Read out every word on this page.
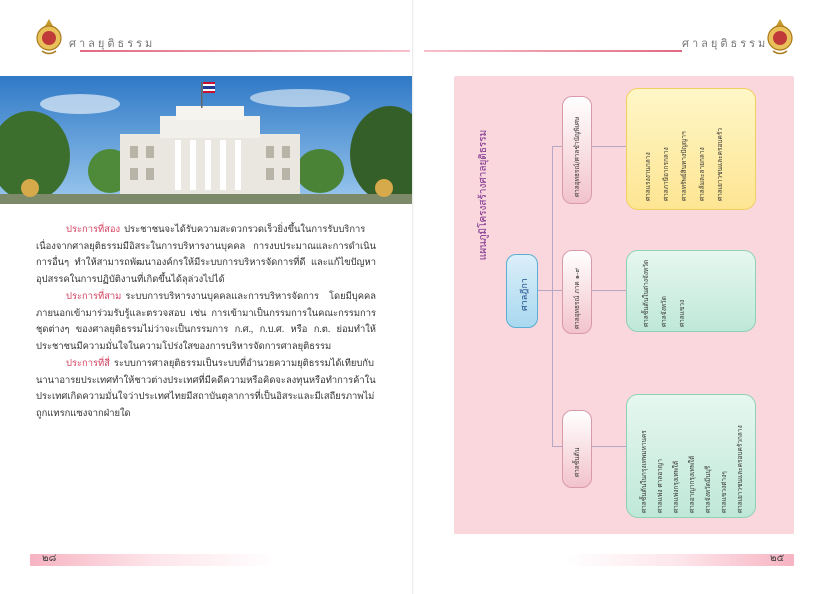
ศาลยุติธรรม
ประการที่สอง ประชาชนจะได้รับความสะดวกรวดเร็วยิ่งขึ้นในการรับบริการ เนื่องจากศาลยุติธรรมมีอิสระในการบริหารงานบุคคล การงบประมาณและการดำเนินการอื่นๆ ทำให้สามารถพัฒนาองค์กรให้มีระบบการบริหารจัดการที่ดี และแก้ไขปัญหาอุปสรรคในการปฏิบัติงานที่เกิดขึ้นได้ลุล่วงไปได้
ประการที่สาม ระบบการบริหารงานบุคคลและการบริหารจัดการ โดยมีบุคคลภายนอกเข้ามาร่วมรับรู้และตรวจสอบ เช่น การเข้ามาเป็นกรรมการในคณะกรรมการชุดต่างๆ ของศาลยุติธรรมไม่ว่าจะเป็นกรรมการ ก.ศ., ก.บ.ศ. หรือ ก.ต. ย่อมทำให้ประชาชนมีความมั่นใจในความโปร่งใสของการบริหารจัดการศาลยุติธรรม
ประการที่สี่ ระบบการศาลยุติธรรมเป็นระบบที่อำนวยความยุติธรรมได้เทียบกับนานาอารยประเทศทำให้ชาวต่างประเทศที่มีคดีความหรือคิดจะลงทุนหรือทำการค้าในประเทศเกิดความมั่นใจว่าประเทศไทยมีสถาบันตุลาการที่เป็นอิสระและมีเสถียรภาพไม่ถูกแทรกแซงจากฝ่ายใด
๒๘
ศาลยุติธรรม
แผนภูมิโครงสร้างศาลยุติธรรม
ศาลฎีกา
ศาลอุทธรณ์/ศาลชำนัญพิเศษ
ศาลอุทธรณ์ ภาค ๑-๙
ศาลชั้นต้น
ศาลแรงงานกลาง ศาลภาษีอากรกลาง ศาลทรัพย์สินทางปัญญาฯ ศาลล้มละลายกลาง ศาลเยาวชนและครอบครัว
ศาลชั้นต้นในต่างจังหวัด ศาลจังหวัด ศาลแขวง
ศาลชั้นต้นในกรุงเทพมหานคร ศาลแพ่ง ศาลอาญา ศาลแพ่งกรุงเทพใต้ ศาลอาญากรุงเทพใต้ ศาลจังหวัดมีนบุรี ศาลแขวงต่างๆ ศาลเยาวชนและครอบครัวกลาง
๒๕
